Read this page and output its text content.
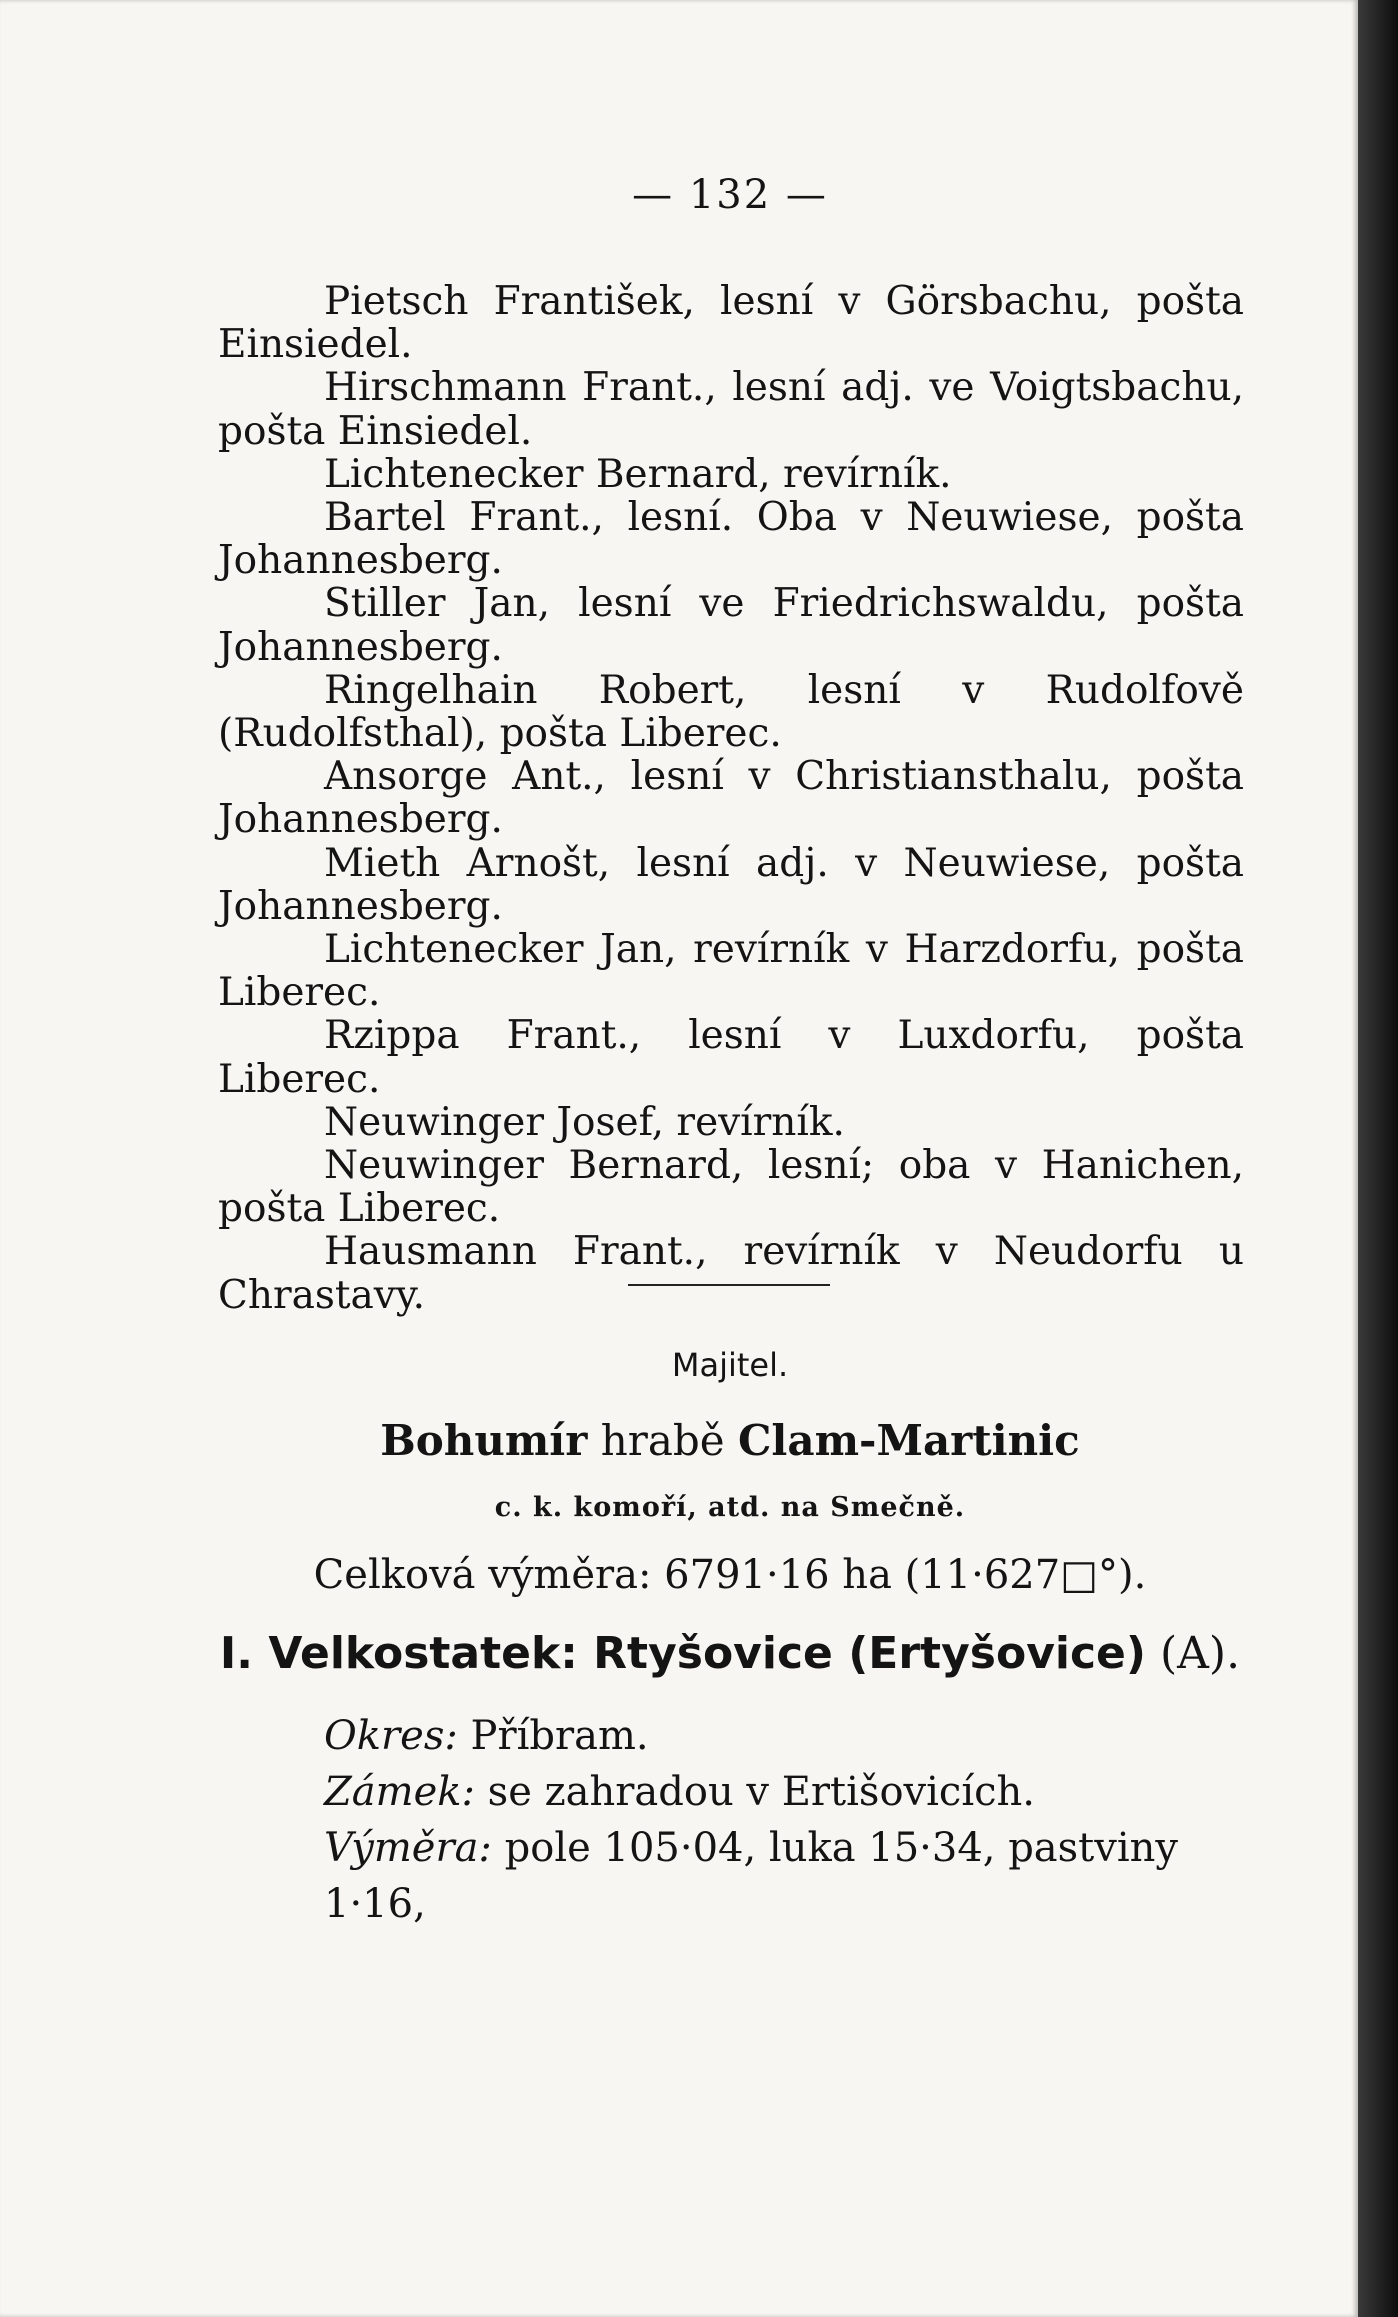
— 132 —

Pietsch František, lesní v Görsbachu, pošta Einsiedel.

Hirschmann Frant., lesní adj. ve Voigtsbachu, pošta Einsiedel.

Lichtenecker Bernard, revírník.

Bartel Frant., lesní. Oba v Neuwiese, pošta Johannesberg.

Stiller Jan, lesní ve Friedrichswaldu, pošta Johannesberg.

Ringelhain Robert, lesní v Rudolfově (Rudolfsthal), pošta Liberec.

Ansorge Ant., lesní v Christiansthalu, pošta Johannesberg.

Mieth Arnošt, lesní adj. v Neuwiese, pošta Johannesberg.

Lichtenecker Jan, revírník v Harzdorfu, pošta Liberec.

Rzippa Frant., lesní v Luxdorfu, pošta Liberec.

Neuwinger Josef, revírník.

Neuwinger Bernard, lesní; oba v Hanichen, pošta Liberec.

Hausmann Frant., revírník v Neudorfu u Chrastavy.

Majitel.
Bohumír hrabě Clam-Martinic
c. k. komoří, atd. na Smečně.
Celková výměra: 6791·16 ha (11·627□°).
I. Velkostatek: Rtyšovice (Ertyšovice) (A).

Okres: Příbram.

Zámek: se zahradou v Ertišovicích.

Výměra: pole 105·04, luka 15·34, pastviny 1·16,
